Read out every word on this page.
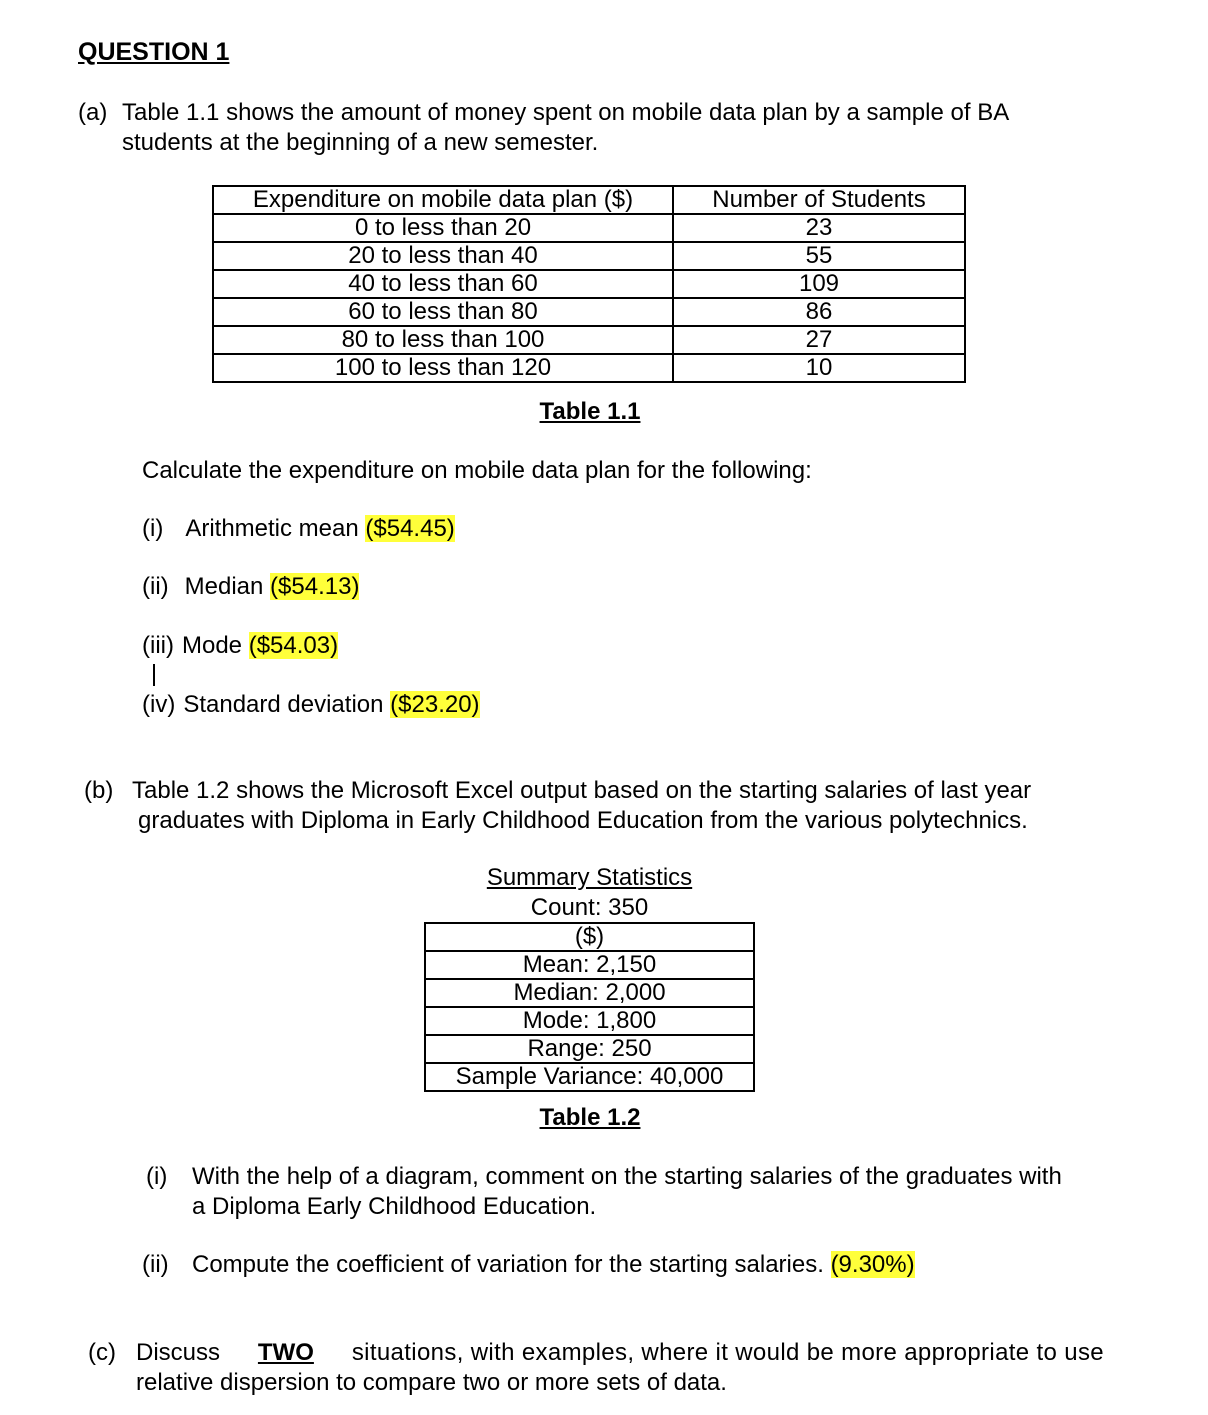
QUESTION 1
(a) Table 1.1 shows the amount of money spent on mobile data plan by a sample of BA
students at the beginning of a new semester.
Expenditure on mobile data plan ($)	Number of Students
0 to less than 20	23
20 to less than 40	55
40 to less than 60	109
60 to less than 80	86
80 to less than 100	27
100 to less than 120	10
Table 1.1
Calculate the expenditure on mobile data plan for the following:
(i) Arithmetic mean ($54.45)
(ii) Median ($54.13)
(iii) Mode ($54.03)
(iv) Standard deviation ($23.20)
(b) Table 1.2 shows the Microsoft Excel output based on the starting salaries of last year
graduates with Diploma in Early Childhood Education from the various polytechnics.
Summary Statistics
Count: 350
($)
Mean: 2,150
Median: 2,000
Mode: 1,800
Range: 250
Sample Variance: 40,000
Table 1.2
(i) With the help of a diagram, comment on the starting salaries of the graduates with
a Diploma Early Childhood Education.
(ii) Compute the coefficient of variation for the starting salaries. (9.30%)
(c) Discuss TWO situations, with examples, where it would be more appropriate to use
relative dispersion to compare two or more sets of data.
